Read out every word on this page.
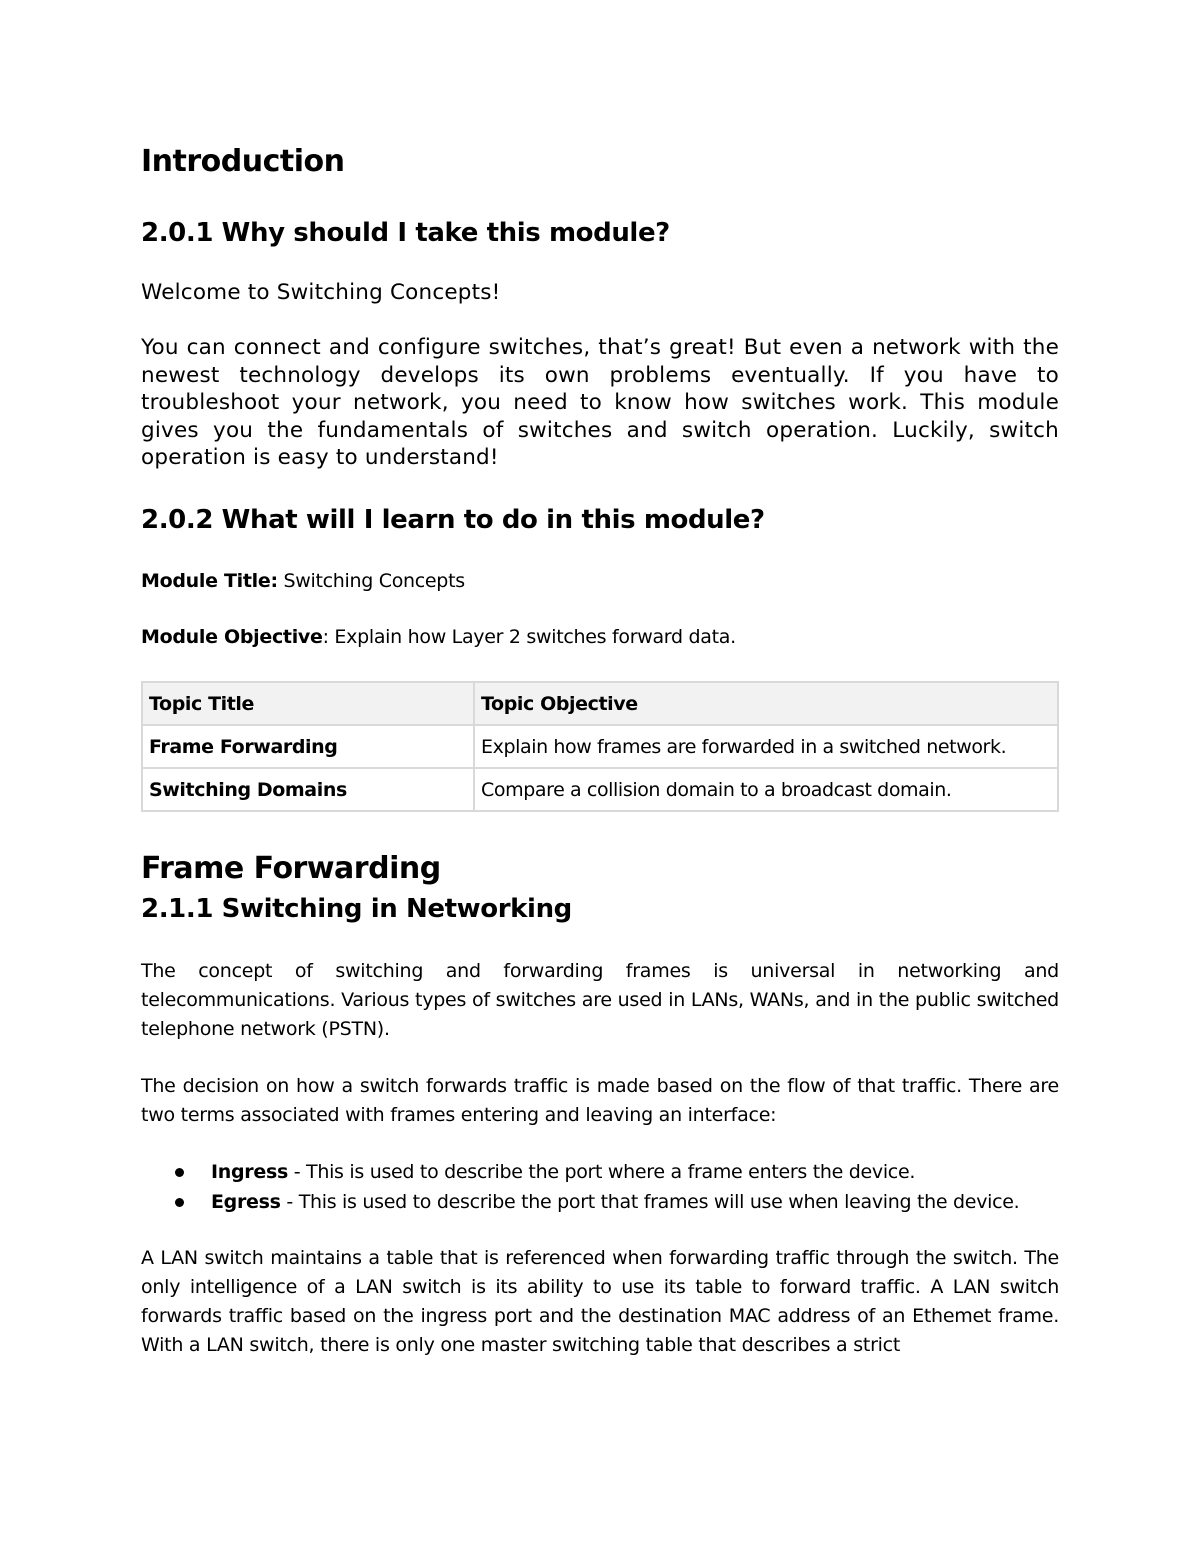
Introduction
2.0.1 Why should I take this module?

Welcome to Switching Concepts!

You can connect and configure switches, that’s great! But even a network with the newest technology develops its own problems eventually. If you have to troubleshoot your network, you need to know how switches work. This module gives you the fundamentals of switches and switch operation. Luckily, switch operation is easy to understand!

2.0.2 What will I learn to do in this module?

Module Title: Switching Concepts

Module Objective: Explain how Layer 2 switches forward data.

Topic Title	Topic Objective
Frame Forwarding	Explain how frames are forwarded in a switched network.
Switching Domains	Compare a collision domain to a broadcast domain.
Frame Forwarding
2.1.1 Switching in Networking

The concept of switching and forwarding frames is universal in networking and telecommunications. Various types of switches are used in LANs, WANs, and in the public switched telephone network (PSTN).

The decision on how a switch forwards traffic is made based on the flow of that traffic. There are two terms associated with frames entering and leaving an interface:

Ingress - This is used to describe the port where a frame enters the device.
Egress - This is used to describe the port that frames will use when leaving the device.

A LAN switch maintains a table that is referenced when forwarding traffic through the switch. The only intelligence of a LAN switch is its ability to use its table to forward traffic. A LAN switch forwards traffic based on the ingress port and the destination MAC address of an Ethemet frame. With a LAN switch, there is only one master switching table that describes a strict
